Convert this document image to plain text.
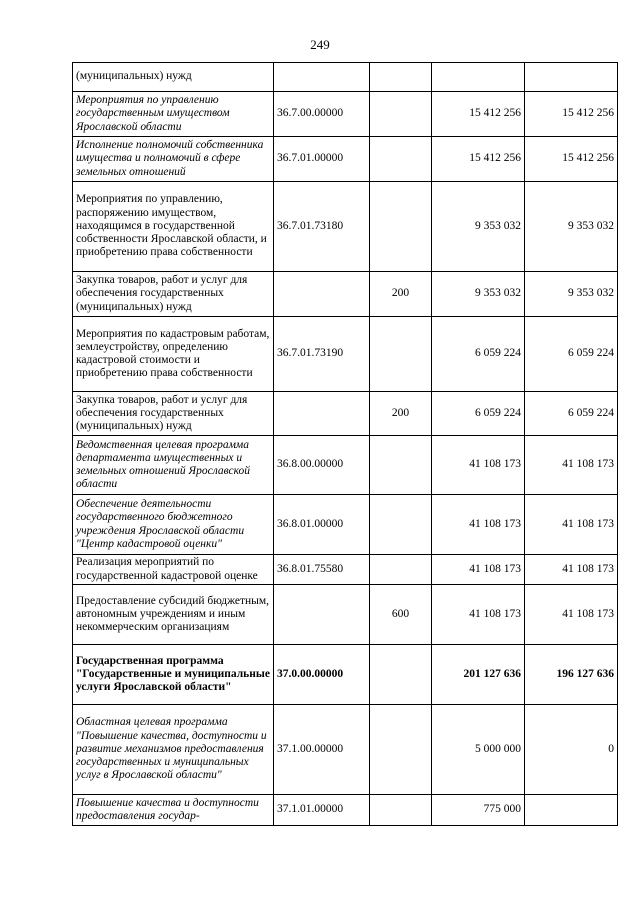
249
(муниципальных) нужд				
Мероприятия по управлению государственным имуществом Ярославской области	36.7.00.00000		15 412 256	15 412 256
Исполнение полномочий собственника имущества и полномочий в сфере земельных отношений	36.7.01.00000		15 412 256	15 412 256
Мероприятия по управлению, распоряжению имуществом, находящимся в государственной собственности Ярославской области, и приобретению права собственности	36.7.01.73180		9 353 032	9 353 032
Закупка товаров, работ и услуг для обеспечения государственных (муниципальных) нужд		200	9 353 032	9 353 032
Мероприятия по кадастровым работам, землеустройству, определению кадастровой стоимости и приобретению права собственности	36.7.01.73190		6 059 224	6 059 224
Закупка товаров, работ и услуг для обеспечения государственных (муниципальных) нужд		200	6 059 224	6 059 224
Ведомственная целевая программа департамента имущественных и земельных отношений Ярославской области	36.8.00.00000		41 108 173	41 108 173
Обеспечение деятельности государственного бюджетного учреждения Ярославской области "Центр кадастровой оценки"	36.8.01.00000		41 108 173	41 108 173
Реализация мероприятий по государственной кадастровой оценке	36.8.01.75580		41 108 173	41 108 173
Предоставление субсидий бюджетным, автономным учреждениям и иным некоммерческим организациям		600	41 108 173	41 108 173
Государственная программа "Государственные и муниципальные услуги Ярославской области"	37.0.00.00000		201 127 636	196 127 636
Областная целевая программа "Повышение качества, доступности и развитие механизмов предоставления государственных и муниципальных услуг в Ярославской области"	37.1.00.00000		5 000 000	0
Повышение качества и доступности предоставления государ-	37.1.01.00000		775 000	
